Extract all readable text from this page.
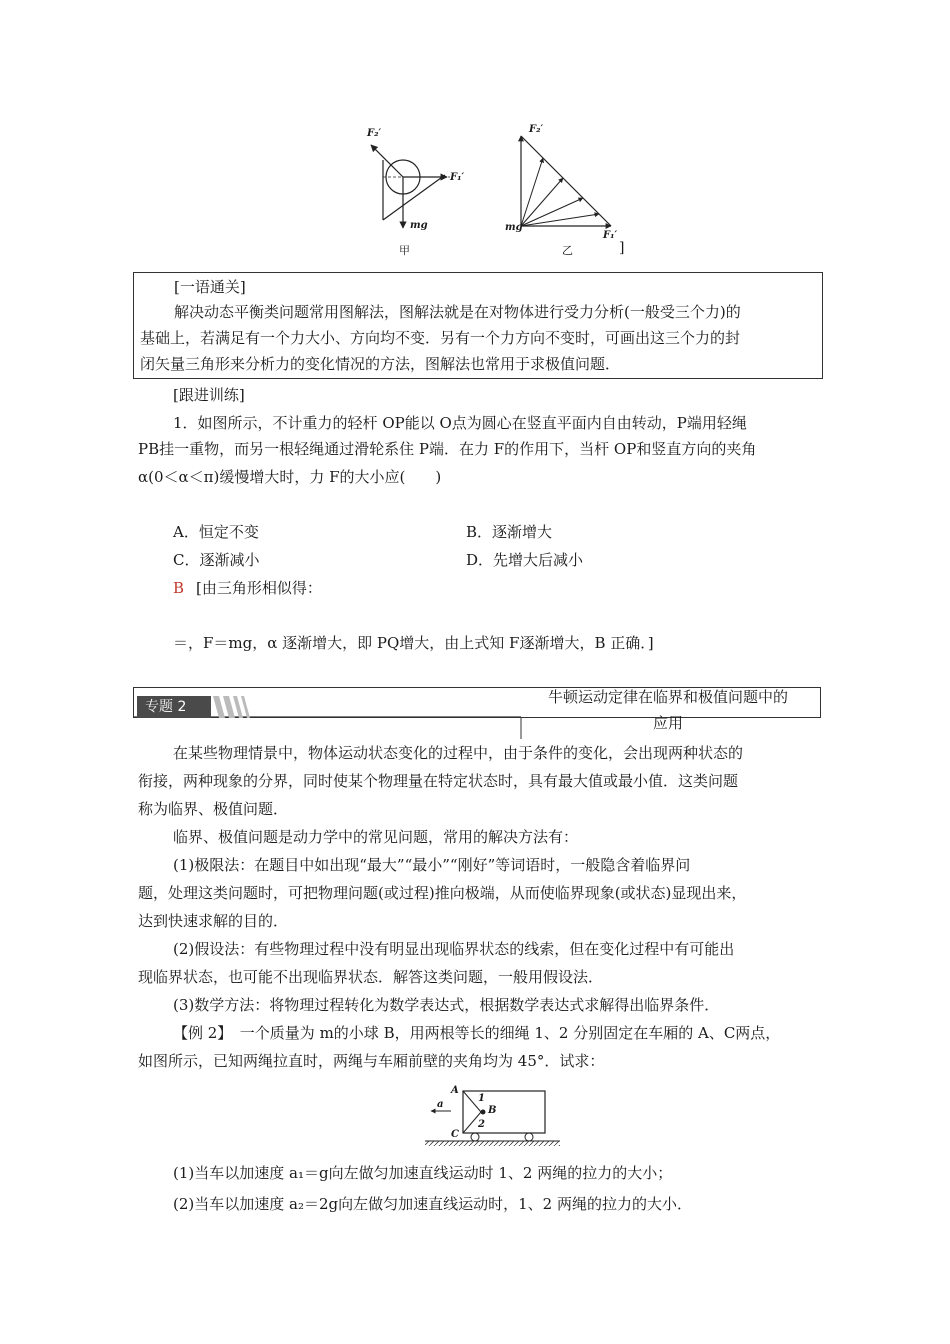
F₂′
F₁′
mg
甲
F₂′
mg
F₁′
乙	]
[一语通关]
解决动态平衡类问题常用图解法，图解法就是在对物体进行受力分析(一般受三个力)的
基础上，若满足有一个力大小、方向均不变．另有一个力方向不变时，可画出这三个力的封
闭矢量三角形来分析力的变化情况的方法，图解法也常用于求极值问题．
[跟进训练]
1．如图所示，不计重力的轻杆 OP能以 O点为圆心在竖直平面内自由转动，P端用轻绳
PB挂一重物，而另一根轻绳通过滑轮系住 P端．在力 F的作用下，当杆 OP和竖直方向的夹角
α(0＜α＜π)缓慢增大时，力 F的大小应(　　)
A．恒定不变	B．逐渐增大
C．逐渐减小	D．先增大后减小
B [由三角形相似得：
＝，F＝mg，α 逐渐增大，即 PQ增大，由上式知 F逐渐增大，B 正确．]
专题 2
牛顿运动定律在临界和极值问题中的
应用
在某些物理情景中，物体运动状态变化的过程中，由于条件的变化，会出现两种状态的
衔接，两种现象的分界，同时使某个物理量在特定状态时，具有最大值或最小值．这类问题
称为临界、极值问题．
临界、极值问题是动力学中的常见问题，常用的解决方法有：
(1)极限法：在题目中如出现“最大”“最小”“刚好”等词语时，一般隐含着临界问
题，处理这类问题时，可把物理问题(或过程)推向极端，从而使临界现象(或状态)显现出来，
达到快速求解的目的．
(2)假设法：有些物理过程中没有明显出现临界状态的线索，但在变化过程中有可能出
现临界状态，也可能不出现临界状态．解答这类问题，一般用假设法．
(3)数学方法：将物理过程转化为数学表达式，根据数学表达式求解得出临界条件．
【例 2】　一个质量为 m的小球 B，用两根等长的细绳 1、2 分别固定在车厢的 A、C两点，
如图所示，已知两绳拉直时，两绳与车厢前壁的夹角均为 45°．试求：
A
C
B
1
2
a
(1)当车以加速度 a₁＝g向左做匀加速直线运动时 1、2 两绳的拉力的大小；
(2)当车以加速度 a₂＝2g向左做匀加速直线运动时，1、2 两绳的拉力的大小．
